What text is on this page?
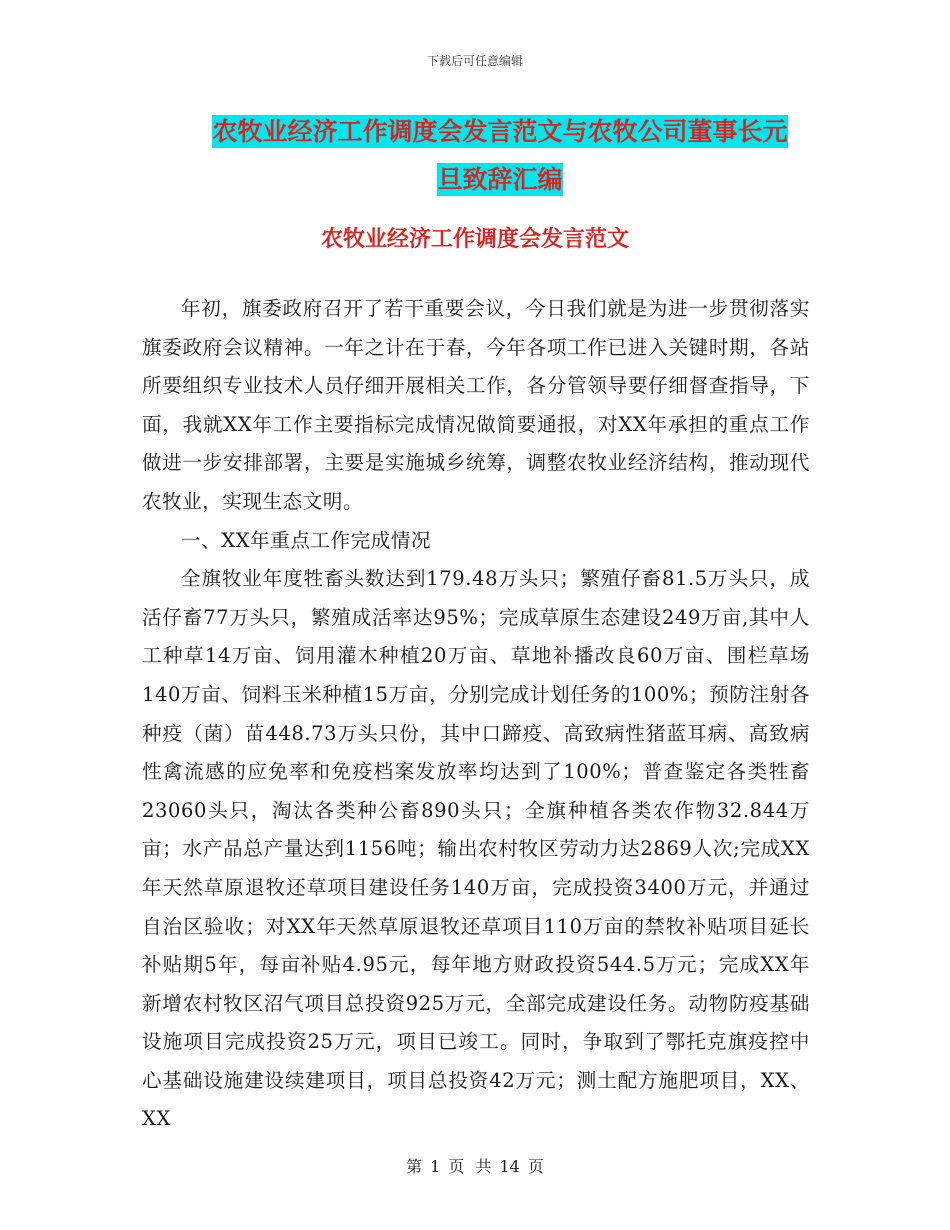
下载后可任意编辑
农牧业经济工作调度会发言范文与农牧公司董事长元
旦致辞汇编
农牧业经济工作调度会发言范文

年初，旗委政府召开了若干重要会议，今日我们就是为进一步贯彻落实旗委政府会议精神。一年之计在于春，今年各项工作已进入关键时期，各站所要组织专业技术人员仔细开展相关工作，各分管领导要仔细督查指导，下面，我就XX年工作主要指标完成情况做简要通报，对XX年承担的重点工作做进一步安排部署，主要是实施城乡统筹，调整农牧业经济结构，推动现代农牧业，实现生态文明。

一、XX年重点工作完成情况

全旗牧业年度牲畜头数达到179.48万头只；繁殖仔畜81.5万头只，成活仔畜77万头只，繁殖成活率达95%；完成草原生态建设249万亩,其中人工种草14万亩、饲用灌木种植20万亩、草地补播改良60万亩、围栏草场140万亩、饲料玉米种植15万亩，分别完成计划任务的100%；预防注射各种疫（菌）苗448.73万头只份，其中口蹄疫、高致病性猪蓝耳病、高致病性禽流感的应免率和免疫档案发放率均达到了100%；普查鉴定各类牲畜23060头只，淘汰各类种公畜890头只；全旗种植各类农作物32.844万亩；水产品总产量达到1156吨；输出农村牧区劳动力达2869人次;完成XX年天然草原退牧还草项目建设任务140万亩，完成投资3400万元，并通过自治区验收；对XX年天然草原退牧还草项目110万亩的禁牧补贴项目延长补贴期5年，每亩补贴4.95元，每年地方财政投资544.5万元；完成XX年新增农村牧区沼气项目总投资925万元，全部完成建设任务。动物防疫基础设施项目完成投资25万元，项目已竣工。同时，争取到了鄂托克旗疫控中心基础设施建设续建项目，项目总投资42万元；测土配方施肥项目，XX、XX

第 1 页 共 14 页
